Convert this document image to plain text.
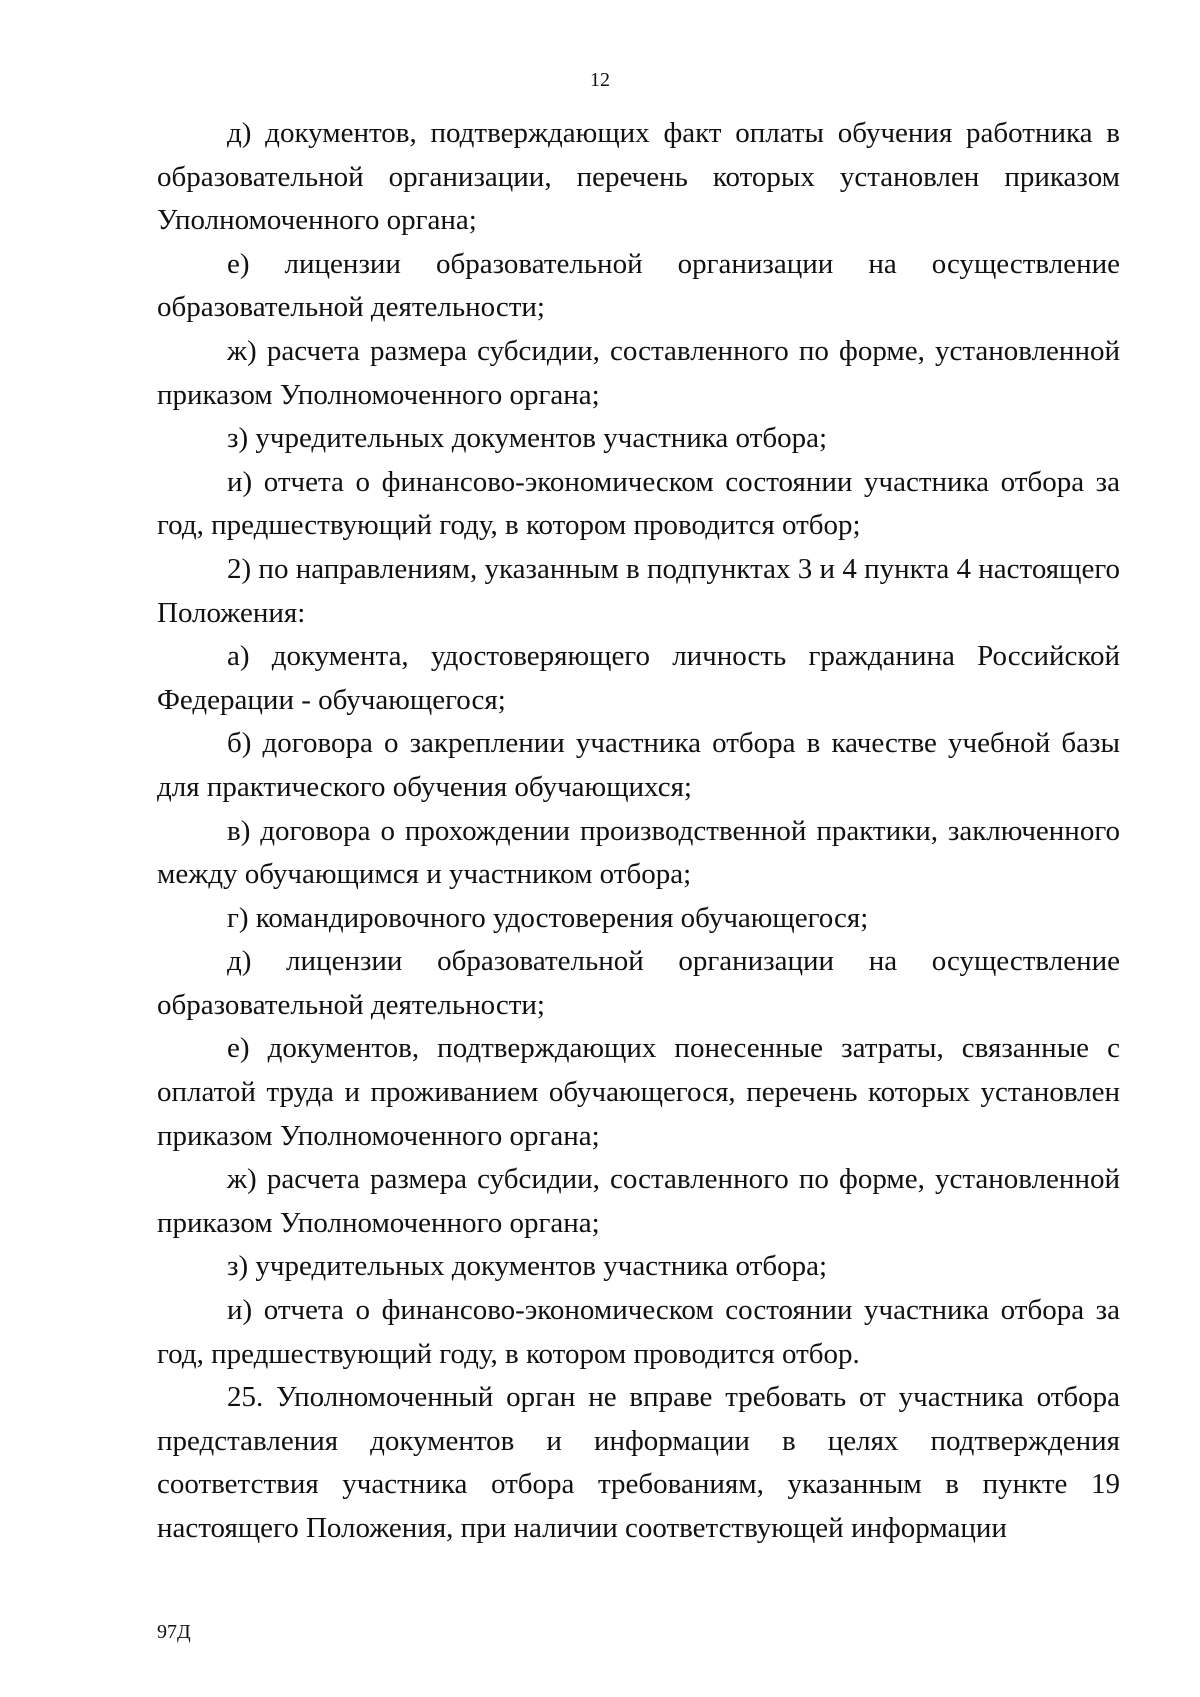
12

д) документов, подтверждающих факт оплаты обучения работника в образовательной организации, перечень которых установлен приказом Уполномоченного органа;

е) лицензии образовательной организации на осуществление образовательной деятельности;

ж) расчета размера субсидии, составленного по форме, установленной приказом Уполномоченного органа;

з) учредительных документов участника отбора;

и) отчета о финансово-экономическом состоянии участника отбора за год, предшествующий году, в котором проводится отбор;

2) по направлениям, указанным в подпунктах 3 и 4 пункта 4 настоящего Положения:

а) документа, удостоверяющего личность гражданина Российской Федерации - обучающегося;

б) договора о закреплении участника отбора в качестве учебной базы для практического обучения обучающихся;

в) договора о прохождении производственной практики, заключенного между обучающимся и участником отбора;

г) командировочного удостоверения обучающегося;

д) лицензии образовательной организации на осуществление образовательной деятельности;

е) документов, подтверждающих понесенные затраты, связанные с оплатой труда и проживанием обучающегося, перечень которых установлен приказом Уполномоченного органа;

ж) расчета размера субсидии, составленного по форме, установленной приказом Уполномоченного органа;

з) учредительных документов участника отбора;

и) отчета о финансово-экономическом состоянии участника отбора за год, предшествующий году, в котором проводится отбор.

25. Уполномоченный орган не вправе требовать от участника отбора представления документов и информации в целях подтверждения соответствия участника отбора требованиям, указанным в пункте 19 настоящего Положения, при наличии соответствующей информации

97Д
